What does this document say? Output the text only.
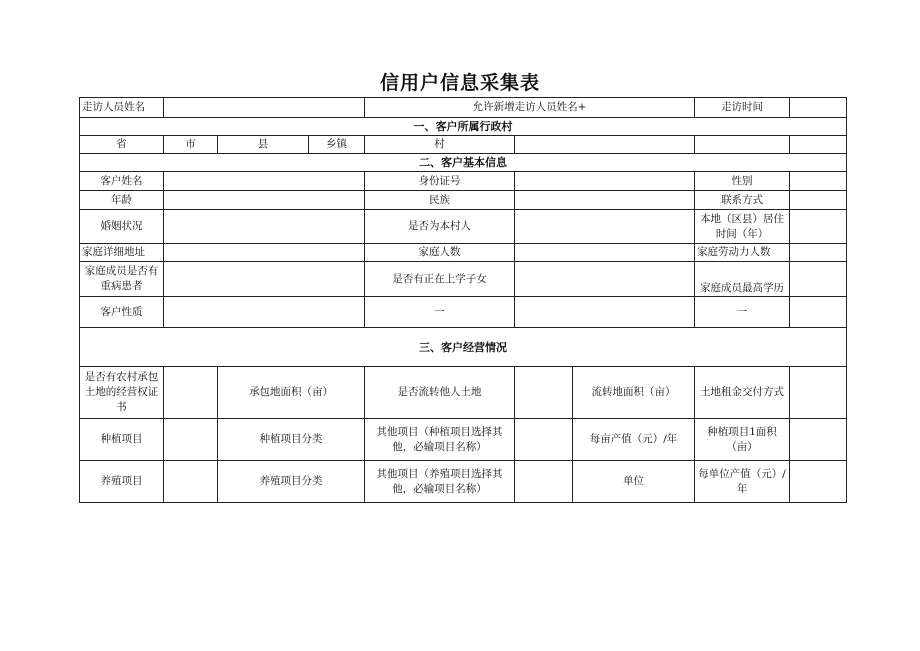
信用户信息采集表
走访人员姓名				允许新增走访人员姓名+			走访时间	
一、客户所属行政村								
省	市	县	乡镇	村				
二、客户基本信息								
客户姓名				身份证号			性别	
年龄				民族			联系方式	
婚姻状况				是否为本村人			本地（区县）居住时间（年）	
家庭详细地址				家庭人数			家庭劳动力人数	
家庭成员是否有重病患者				是否有正在上学子女			家庭成员最高学历	
客户性质				一			一	
三、客户经营情况								
是否有农村承包土地的经营权证书		承包地面积（亩）		是否流转他人土地		流转地面积（亩）	土地租金交付方式	
种植项目		种植项目分类		其他项目（种植项目选择其他，必输项目名称）		每亩产值（元）/年	种植项目1面积（亩）	
养殖项目		养殖项目分类		其他项目（养殖项目选择其他，必输项目名称）		单位	每单位产值（元）/年	
